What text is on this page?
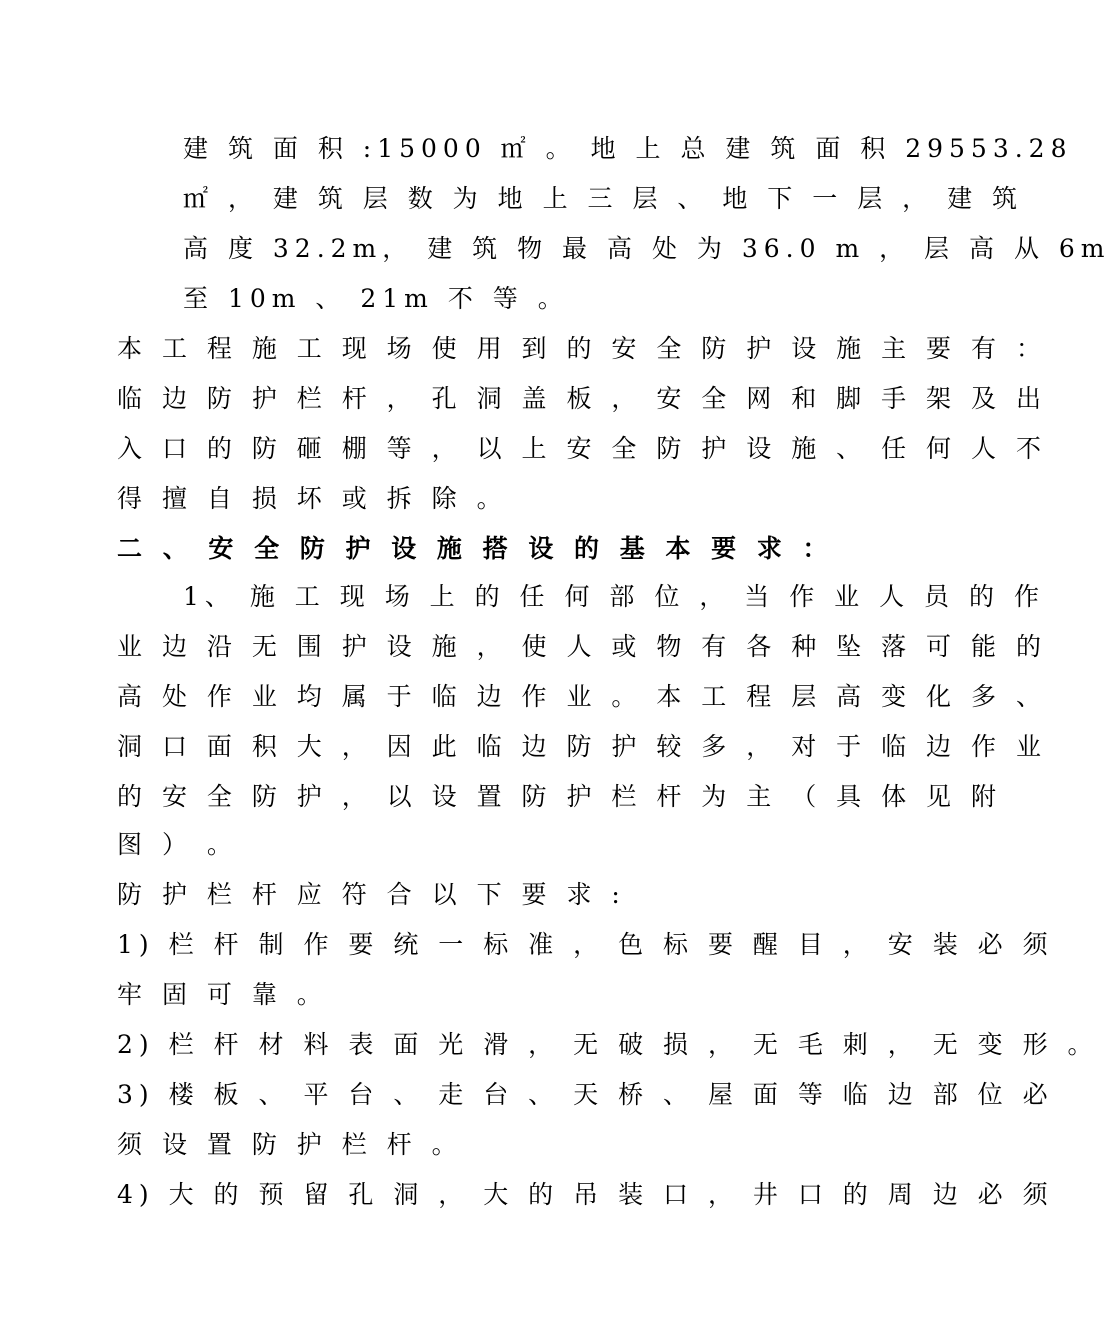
建 筑 面 积 :15000 ㎡ 。 地 上 总 建 筑 面 积 29553.28
㎡ ， 建 筑 层 数 为 地 上 三 层 、 地 下 一 层 ， 建 筑
高 度 32.2m， 建 筑 物 最 高 处 为 36.0 m ， 层 高 从 6m
至 10m 、 21m 不 等 。
本 工 程 施 工 现 场 使 用 到 的 安 全 防 护 设 施 主 要 有 ：
临 边 防 护 栏 杆 ， 孔 洞 盖 板 ， 安 全 网 和 脚 手 架 及 出
入 口 的 防 砸 棚 等 ， 以 上 安 全 防 护 设 施 、 任 何 人 不
得 擅 自 损 坏 或 拆 除 。
二 、 安 全 防 护 设 施 搭 设 的 基 本 要 求 ：
1、 施 工 现 场 上 的 任 何 部 位 ， 当 作 业 人 员 的 作
业 边 沿 无 围 护 设 施 ， 使 人 或 物 有 各 种 坠 落 可 能 的
高 处 作 业 均 属 于 临 边 作 业 。 本 工 程 层 高 变 化 多 、
洞 口 面 积 大 ， 因 此 临 边 防 护 较 多 ， 对 于 临 边 作 业
的 安 全 防 护 ， 以 设 置 防 护 栏 杆 为 主 （ 具 体 见 附
图 ） 。
防 护 栏 杆 应 符 合 以 下 要 求 :
1) 栏 杆 制 作 要 统 一 标 准 ， 色 标 要 醒 目 ， 安 装 必 须
牢 固 可 靠 。
2) 栏 杆 材 料 表 面 光 滑 ， 无 破 损 ， 无 毛 刺 ， 无 变 形 。
3) 楼 板 、 平 台 、 走 台 、 天 桥 、 屋 面 等 临 边 部 位 必
须 设 置 防 护 栏 杆 。
4) 大 的 预 留 孔 洞 ， 大 的 吊 装 口 ， 井 口 的 周 边 必 须
